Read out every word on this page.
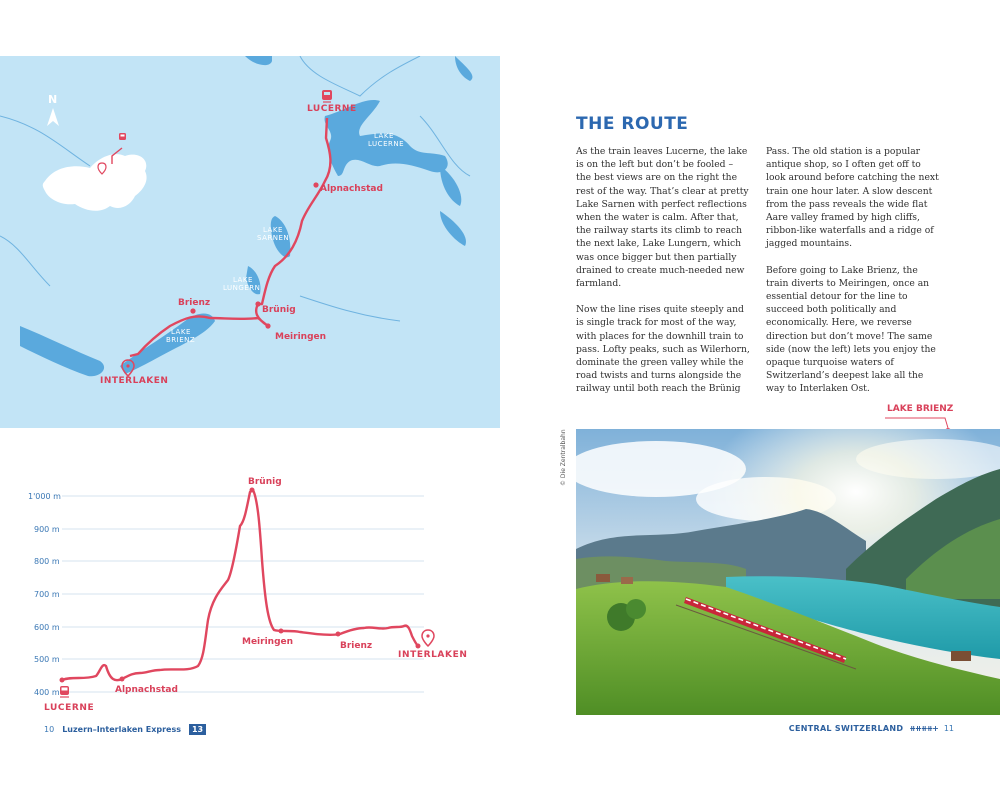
LUCERNE
INTERLAKEN
Alpnachstad
Brünig
Meiringen
Brienz
LAKE
LUCERNE
LAKE
SARNEN
LAKE
LUNGERN
LAKE
BRIENZ
N
1'000 m
900 m
800 m
700 m
600 m
500 m
400 m
Brünig
Alpnachstad
Meiringen	Brienz
LUCERNE
INTERLAKEN
10 Luzern–Interlaken Express	13
THE ROUTE

As the train leaves Lucerne, the lake is on the left but don’t be fooled – the best views are on the right the rest of the way. That’s clear at pretty Lake Sarnen with perfect reflections when the water is calm. After that, the railway starts its climb to reach the next lake, Lake Lungern, which was once bigger but then partially drained to create much-needed new farmland.

Now the line rises quite steeply and is single track for most of the way, with places for the downhill train to pass. Lofty peaks, such as Wilerhorn, dominate the green valley while the road twists and turns alongside the railway until both reach the Brünig

Pass. The old station is a popular antique shop, so I often get off to look around before catching the next train one hour later. A slow descent from the pass reveals the wide flat Aare valley framed by high cliffs, ribbon-like waterfalls and a ridge of jagged mountains.

Before going to Lake Brienz, the train diverts to Meiringen, once an essential detour for the line to succeed both politically and economically. Here, we reverse direction but don’t move! The same side (now the left) lets you enjoy the opaque turquoise waters of Switzerland’s deepest lake all the way to Interlaken Ost.

LAKE BRIENZ
© Die Zentralbahn
CENTRAL SWITZERLAND ⧺⧺⧺⧺+ 11
